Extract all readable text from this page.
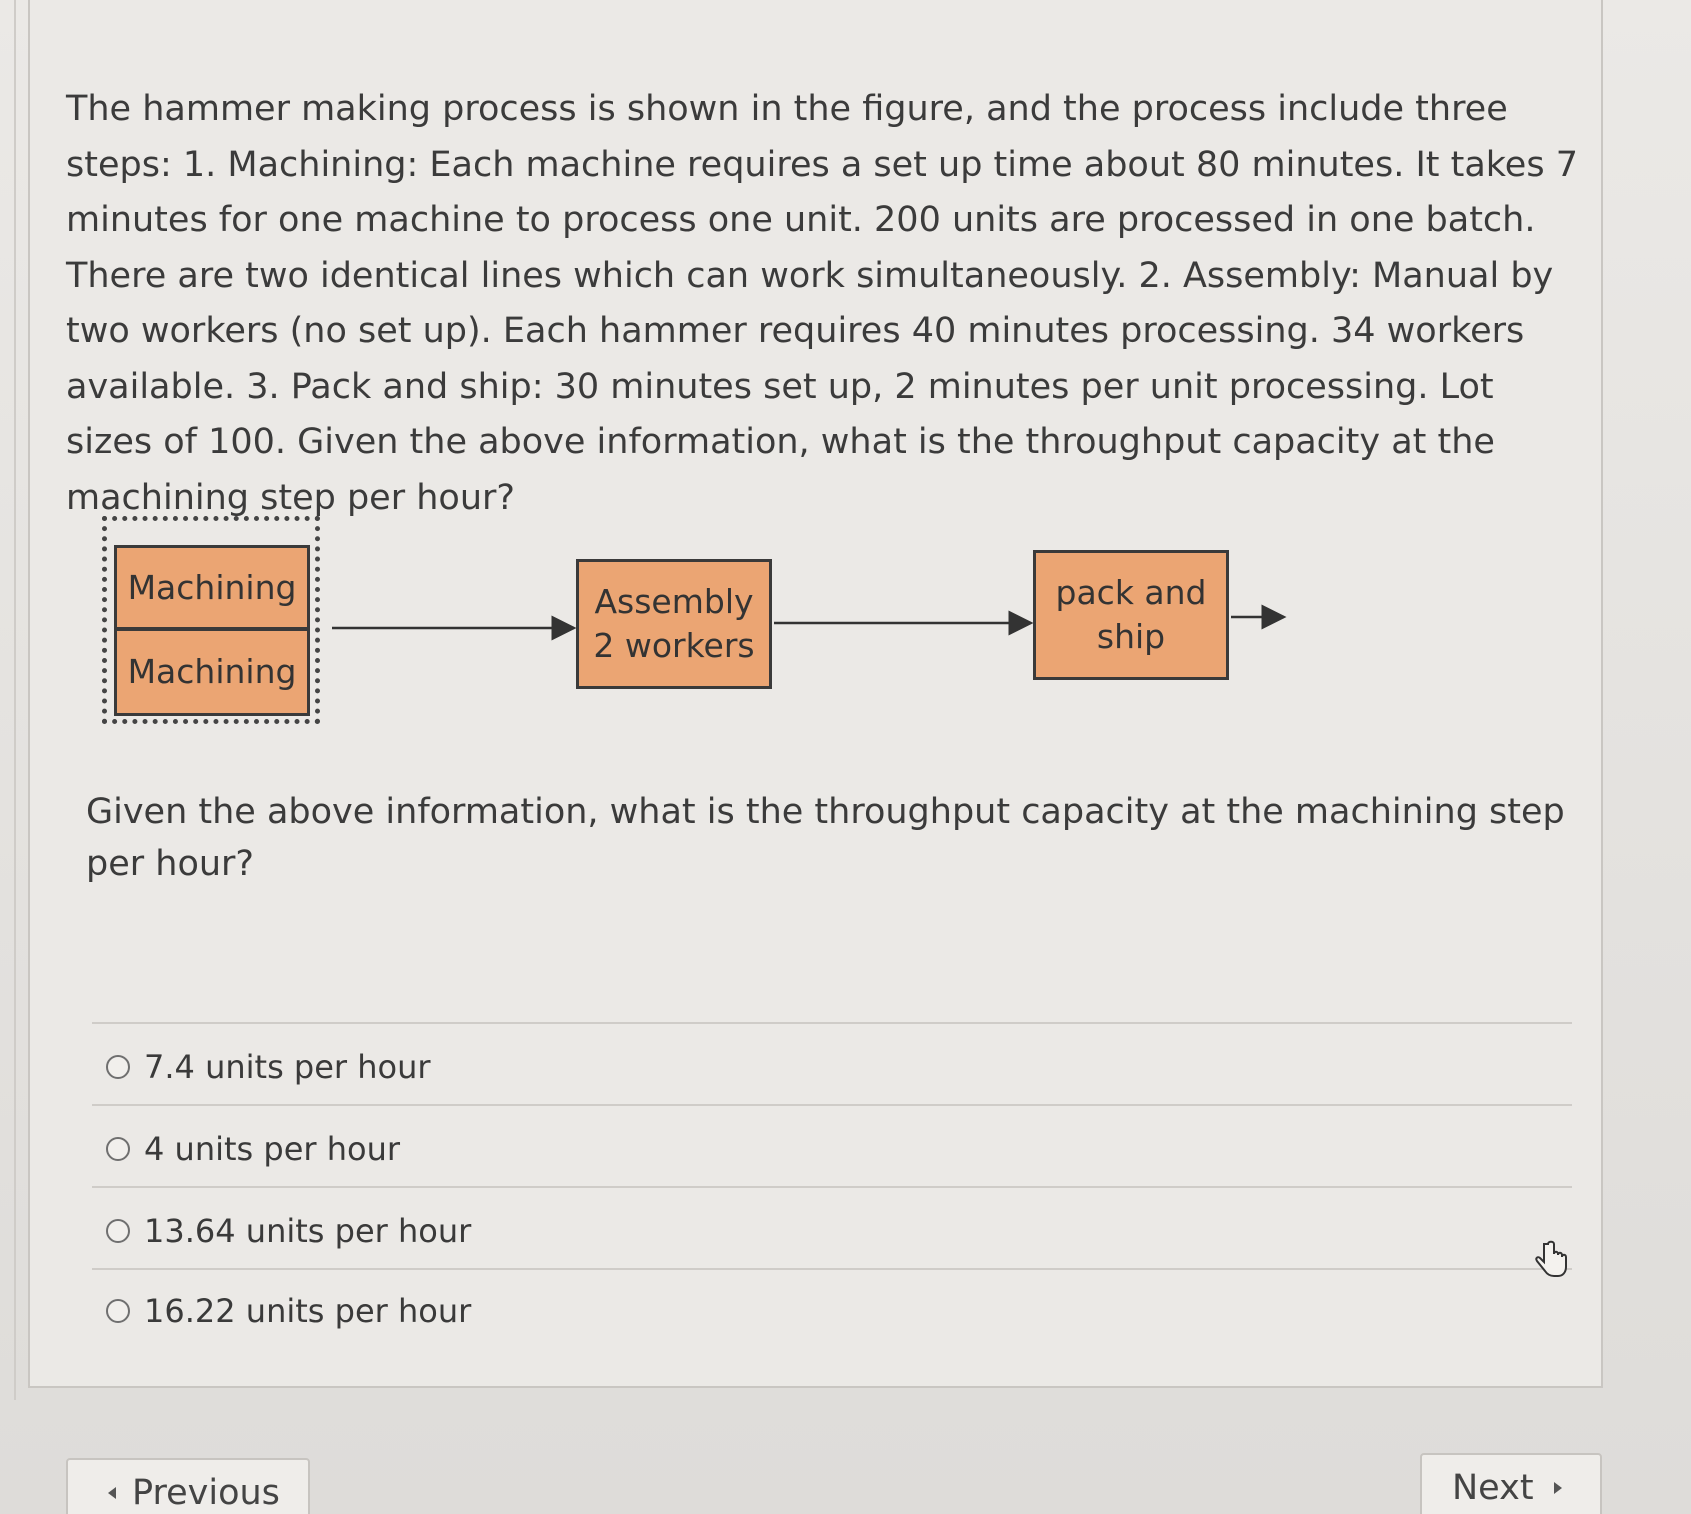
The hammer making process is shown in the figure, and the process include three steps: 1. Machining: Each machine requires a set up time about 80 minutes. It takes 7 minutes for one machine to process one unit. 200 units are processed in one batch. There are two identical lines which can work simultaneously. 2. Assembly: Manual by two workers (no set up). Each hammer requires 40 minutes processing. 34 workers available. 3. Pack and ship: 30 minutes set up, 2 minutes per unit processing. Lot sizes of 100. Given the above information, what is the throughput capacity at the machining step per hour?

Machining
Machining
Assembly
2 workers
pack and
ship

Given the above information, what is the throughput capacity at the machining step per hour?

7.4 units per hour
4 units per hour
13.64 units per hour
16.22 units per hour
Previous	Next
